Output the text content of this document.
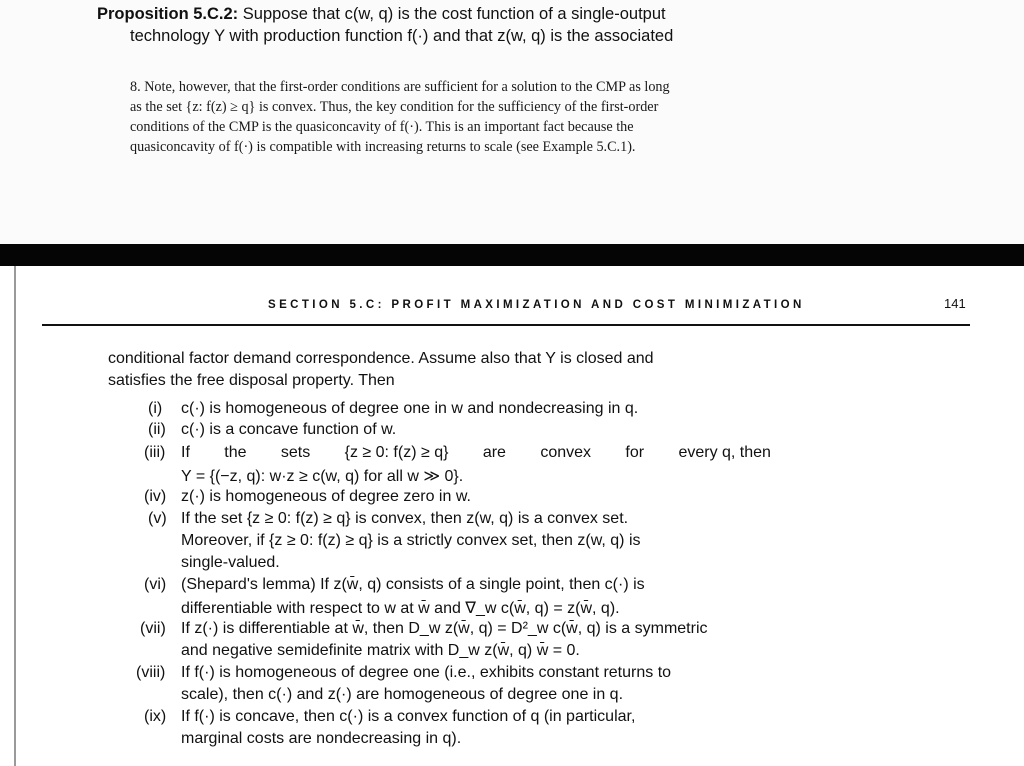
Proposition 5.C.2: Suppose that c(w, q) is the cost function of a single-output
technology Y with production function f(·) and that z(w, q) is the associated
8. Note, however, that the first-order conditions are sufficient for a solution to the CMP as long
as the set {z: f(z) ≥ q} is convex. Thus, the key condition for the sufficiency of the first-order
conditions of the CMP is the quasiconcavity of f(·). This is an important fact because the
quasiconcavity of f(·) is compatible with increasing returns to scale (see Example 5.C.1).
SECTION 5.C: PROFIT MAXIMIZATION AND COST MINIMIZATION	141
conditional factor demand correspondence. Assume also that Y is closed and
satisfies the free disposal property. Then
(i) c(·) is homogeneous of degree one in w and nondecreasing in q.
(ii) c(·) is a concave function of w.
(iii) If the sets {z ≥ 0: f(z) ≥ q} are convex for every q, then
Y = {(−z, q): w·z ≥ c(w, q) for all w ≫ 0}.
(iv) z(·) is homogeneous of degree zero in w.
(v) If the set {z ≥ 0: f(z) ≥ q} is convex, then z(w, q) is a convex set.
Moreover, if {z ≥ 0: f(z) ≥ q} is a strictly convex set, then z(w, q) is
single-valued.
(vi) (Shepard's lemma) If z(w̄, q) consists of a single point, then c(·) is
differentiable with respect to w at w̄ and ∇_w c(w̄, q) = z(w̄, q).
(vii) If z(·) is differentiable at w̄, then D_w z(w̄, q) = D²_w c(w̄, q) is a symmetric
and negative semidefinite matrix with D_w z(w̄, q) w̄ = 0.
(viii) If f(·) is homogeneous of degree one (i.e., exhibits constant returns to
scale), then c(·) and z(·) are homogeneous of degree one in q.
(ix) If f(·) is concave, then c(·) is a convex function of q (in particular,
marginal costs are nondecreasing in q).
